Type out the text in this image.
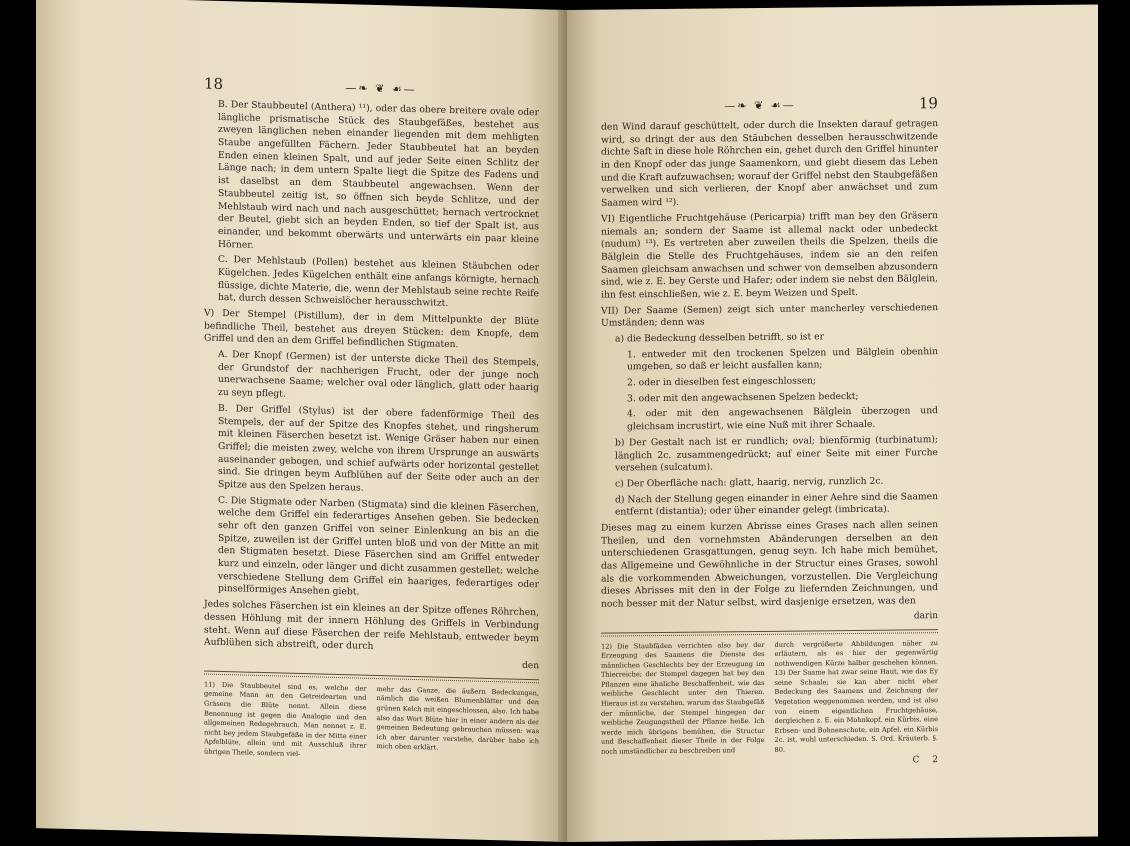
18	—❧ ❦ ☙—

B. Der Staubbeutel (Anthera) ¹¹), oder das obere breitere ovale oder längliche prismatische Stück des Staubgefäßes, bestehet aus zweyen länglichen neben einander liegenden mit dem mehligten Staube angefüllten Fächern. Jeder Staubbeutel hat an beyden Enden einen kleinen Spalt, und auf jeder Seite einen Schlitz der Länge nach; in dem untern Spalte liegt die Spitze des Fadens und ist daselbst an dem Staubbeutel angewachsen. Wenn der Staubbeutel zeitig ist, so öffnen sich beyde Schlitze, und der Mehlstaub wird nach und nach ausgeschüttet; hernach vertrocknet der Beutel, giebt sich an beyden Enden, so tief der Spalt ist, aus einander, und bekommt oberwärts und unterwärts ein paar kleine Hörner.

C. Der Mehlstaub (Pollen) bestehet aus kleinen Stäubchen oder Kügelchen. Jedes Kügelchen enthält eine anfangs körnigte, hernach flüssige, dichte Materie, die, wenn der Mehlstaub seine rechte Reife hat, durch dessen Schweislöcher herausschwitzt.

V) Der Stempel (Pistillum), der in dem Mittelpunkte der Blüte befindliche Theil, bestehet aus dreyen Stücken: dem Knopfe, dem Griffel und den an dem Griffel befindlichen Stigmaten.

A. Der Knopf (Germen) ist der unterste dicke Theil des Stempels, der Grundstof der nachherigen Frucht, oder der junge noch unerwachsene Saame; welcher oval oder länglich, glatt oder haarig zu seyn pflegt.

B. Der Griffel (Stylus) ist der obere fadenförmige Theil des Stempels, der auf der Spitze des Knopfes stehet, und ringsherum mit kleinen Fäserchen besetzt ist. Wenige Gräser haben nur einen Griffel; die meisten zwey, welche von ihrem Ursprunge an auswärts auseinander gebogen, und schief aufwärts oder horizontal gestellet sind. Sie dringen beym Aufblühen auf der Seite oder auch an der Spitze aus den Spelzen heraus.

C. Die Stigmate oder Narben (Stigmata) sind die kleinen Fäserchen, welche dem Griffel ein federartiges Ansehen geben. Sie bedecken sehr oft den ganzen Griffel von seiner Einlenkung an bis an die Spitze, zuweilen ist der Griffel unten bloß und von der Mitte an mit den Stigmaten besetzt. Diese Fäserchen sind am Griffel entweder kurz und einzeln, oder länger und dicht zusammen gestellet; welche verschiedene Stellung dem Griffel ein haariges, federartiges oder pinselförmiges Ansehen giebt.

Jedes solches Fäserchen ist ein kleines an der Spitze offenes Röhrchen, dessen Höhlung mit der innern Höhlung des Griffels in Verbindung steht. Wenn auf diese Fäserchen der reife Mehlstaub, entweder beym Aufblühen sich abstreift, oder durch

den

11) Die Staubbeutel sind es, welche der gemeine Mann an den Getreidearten und Gräsern die Blüte nennt. Allein diese Benennung ist gegen die Analogie und den allgemeinen Redegebrauch. Man nennet z. E. nicht bey jedem Staubgefäße in der Mitte einer Apfelblüte, allein und mit Ausschluß ihrer übrigen Theile, sondern viel-

mehr das Ganze, die äußern Bedeckungen, nämlich die weißen Blumenblätter und den grünen Kelch mit eingeschlossen, also. Ich habe also das Wort Blüte hier in einer andern als der gemeinen Bedeutung gebrauchen müssen: was ich aber darunter verstehe, darüber habe ich mich oben erklärt.

—❧ ❦ ☙—	19

den Wind darauf geschüttelt, oder durch die Insekten darauf getragen wird, so dringt der aus den Stäubchen desselben herausschwitzende dichte Saft in diese hole Röhrchen ein, gehet durch den Griffel hinunter in den Knopf oder das junge Saamenkorn, und giebt diesem das Leben und die Kraft aufzuwachsen; worauf der Griffel nebst den Staubgefäßen verwelken und sich verlieren, der Knopf aber anwächset und zum Saamen wird ¹²).

VI) Eigentliche Fruchtgehäuse (Pericarpia) trifft man bey den Gräsern niemals an; sondern der Saame ist allemal nackt oder unbedeckt (nudum) ¹³). Es vertreten aber zuweilen theils die Spelzen, theils die Bälglein die Stelle des Fruchtgehäuses, indem sie an den reifen Saamen gleichsam anwachsen und schwer von demselben abzusondern sind, wie z. E. bey Gerste und Hafer; oder indem sie nebst den Bälglein, ihn fest einschließen, wie z. E. beym Weizen und Spelt.

VII) Der Saame (Semen) zeigt sich unter mancherley verschiedenen Umständen; denn was

a) die Bedeckung desselben betrifft, so ist er

1. entweder mit den trockenen Spelzen und Bälglein obenhin umgeben, so daß er leicht ausfallen kann;

2. oder in dieselben fest eingeschlossen;

3. oder mit den angewachsenen Spelzen bedeckt;

4. oder mit den angewachsenen Bälglein überzogen und gleichsam incrustirt, wie eine Nuß mit ihrer Schaale.

b) Der Gestalt nach ist er rundlich; oval; bienförmig (turbinatum); länglich 2c. zusammengedrückt; auf einer Seite mit einer Furche versehen (sulcatum).

c) Der Oberfläche nach: glatt, haarig, nervig, runzlich 2c.

d) Nach der Stellung gegen einander in einer Aehre sind die Saamen entfernt (distantia); oder über einander gelegt (imbricata).

Dieses mag zu einem kurzen Abrisse eines Grases nach allen seinen Theilen, und den vornehmsten Abänderungen derselben an den unterschiedenen Grasgattungen, genug seyn. Ich habe mich bemühet, das Allgemeine und Gewöhnliche in der Structur eines Grases, sowohl als die vorkommenden Abweichungen, vorzustellen. Die Vergleichung dieses Abrisses mit den in der Folge zu liefernden Zeichnungen, und noch besser mit der Natur selbst, wird dasjenige ersetzen, was den

darin

12) Die Staubfäden verrichten also bey der Erzeugung des Saamens die Dienste des männlichen Geschlechts bey der Erzeugung im Thierreiche; der Stempel dagegen hat bey den Pflanzen eine ähnliche Beschaffenheit, wie das weibliche Geschlecht unter den Thieren. Hieraus ist zu verstehen, warum das Staubgefäß der männliche, der Stempel hingegen der weibliche Zeugungstheil der Pflanze heiße. Ich werde mich übrigens bemühen, die Structur und Beschaffenheit dieser Theile in der Folge noch umständlicher zu beschreiben und

durch vergrößerte Abbildungen näher zu erläutern, als es hier der gegenwärtig nothwendigen Kürze halber geschehen können. 13) Der Saame hat zwar seine Haut, wie das Ey seine Schaale; sie kan aber nicht eher Bedeckung des Saamens und Zeichnung der Vegetation weggenommen werden, und ist also von einem eigentlichen Fruchtgehäuse, dergleichen z. E. ein Mohnkopf, ein Kürbis, eine Erbsen- und Bohnenschote, ein Apfel, ein Kürbis 2c. ist, wohl unterschieden. S. Ord. Kräuterb. §. 80.

C 2
